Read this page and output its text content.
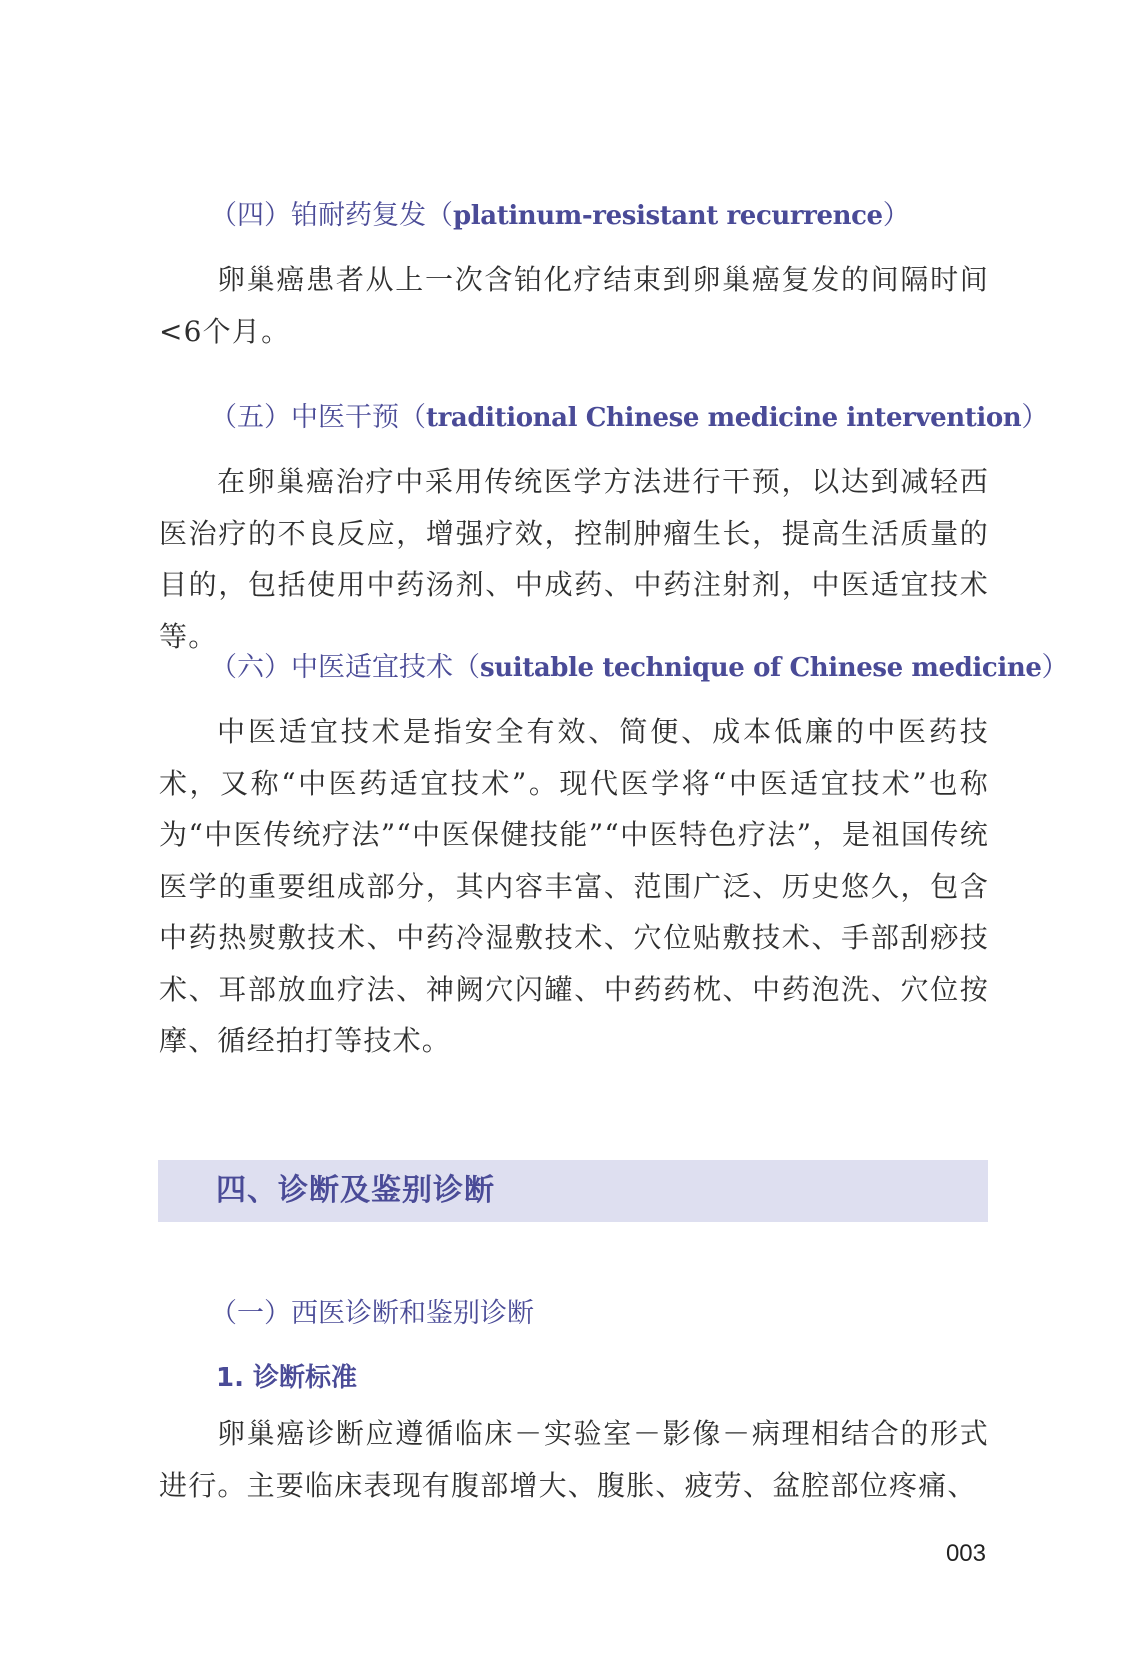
（四）铂耐药复发（platinum-resistant recurrence）

卵巢癌患者从上一次含铂化疗结束到卵巢癌复发的间隔时间<6个月。

（五）中医干预（traditional Chinese medicine intervention）

在卵巢癌治疗中采用传统医学方法进行干预，以达到减轻西医治疗的不良反应，增强疗效，控制肿瘤生长，提高生活质量的目的，包括使用中药汤剂、中成药、中药注射剂，中医适宜技术等。

（六）中医适宜技术（suitable technique of Chinese medicine）

中医适宜技术是指安全有效、简便、成本低廉的中医药技术，又称“中医药适宜技术”。现代医学将“中医适宜技术”也称为“中医传统疗法”“中医保健技能”“中医特色疗法”，是祖国传统医学的重要组成部分，其内容丰富、范围广泛、历史悠久，包含中药热熨敷技术、中药冷湿敷技术、穴位贴敷技术、手部刮痧技术、耳部放血疗法、神阙穴闪罐、中药药枕、中药泡洗、穴位按摩、循经拍打等技术。

四、诊断及鉴别诊断
（一）西医诊断和鉴别诊断
1. 诊断标准

卵巢癌诊断应遵循临床－实验室－影像－病理相结合的形式进行。主要临床表现有腹部增大、腹胀、疲劳、盆腔部位疼痛、

003
